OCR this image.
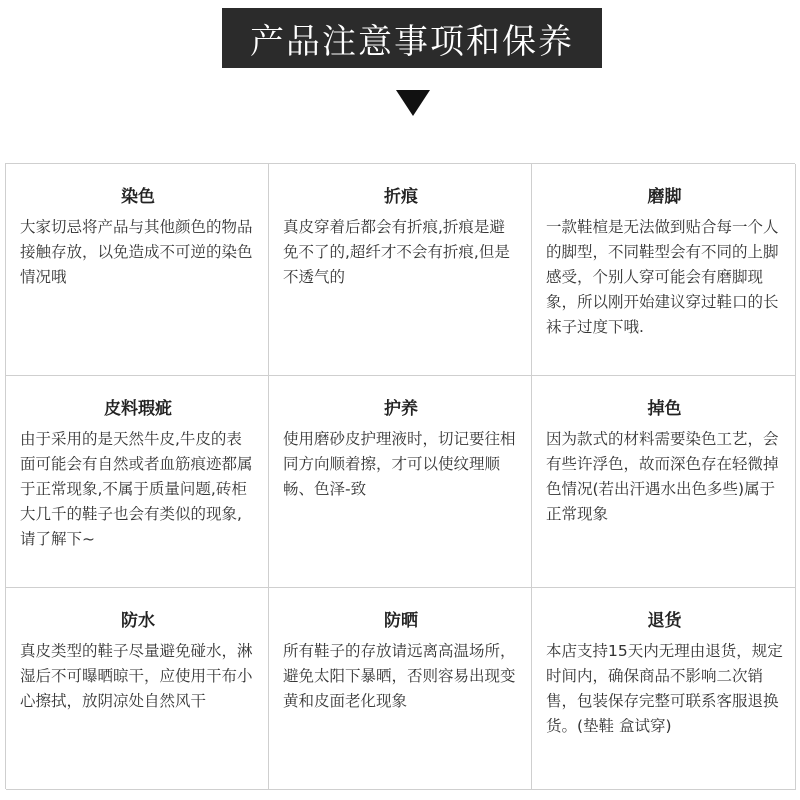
产品注意事项和保养
染色
大家切忌将产品与其他颜色的物品接触存放，以免造成不可逆的染色情况哦
折痕
真皮穿着后都会有折痕,折痕是避免不了的,超纤才不会有折痕,但是不透气的
磨脚
一款鞋楦是无法做到贴合每一个人的脚型，不同鞋型会有不同的上脚感受，个别人穿可能会有磨脚现象，所以刚开始建议穿过鞋口的长袜子过度下哦.
皮料瑕疵
由于采用的是天然牛皮,牛皮的表面可能会有自然或者血筋痕迹都属于正常现象,不属于质量问题,砖柜大几千的鞋子也会有类似的现象,请了解下~
护养
使用磨砂皮护理液时，切记要往相同方向顺着擦，才可以使纹理顺畅、色泽-致
掉色
因为款式的材料需要染色工艺，会有些许浮色，故而深色存在轻微掉色情况(若出汗遇水出色多些)属于正常现象
防水
真皮类型的鞋子尽量避免碰水，淋湿后不可曝晒晾干，应使用干布小心擦拭，放阴凉处自然风干
防晒
所有鞋子的存放请远离高温场所，避免太阳下暴晒，否则容易出现变黄和皮面老化现象
退货
本店支持15天内无理由退货，规定时间内，确保商品不影响二次销售，包装保存完整可联系客服退换货。(垫鞋 盒试穿)
